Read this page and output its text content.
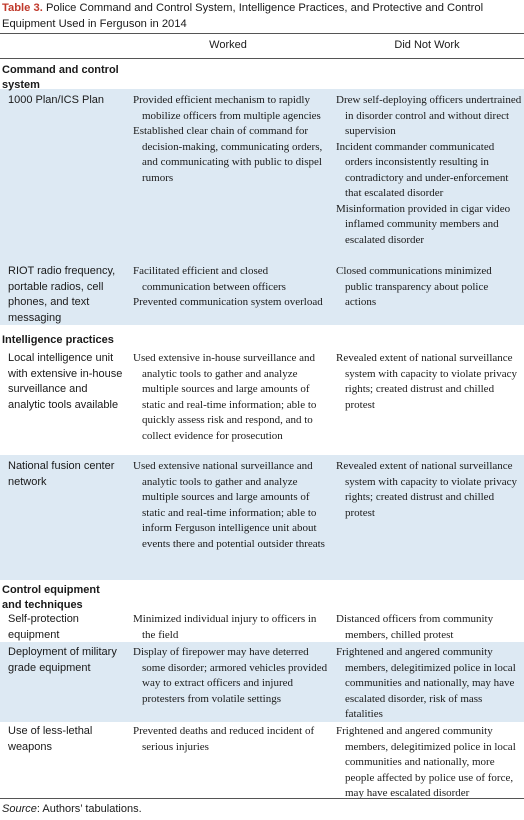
Table 3. Police Command and Control System, Intelligence Practices, and Protective and Control Equipment Used in Ferguson in 2014
Worked	Did Not Work
Command and control system
1000 Plan/ICS Plan	Provided efficient mechanism to rapidly mobilize officers from multiple agencies

Established clear chain of command for decision-making, communicating orders, and communicating with public to dispel rumors

Drew self-deploying officers undertrained in disorder control and without direct supervision

Incident commander communicated orders inconsistently resulting in contradictory and under-enforcement that escalated disorder

Misinformation provided in cigar video inflamed community members and escalated disorder

RIOT radio frequency, portable radios, cell phones, and text messaging

Facilitated efficient and closed communication between officers

Prevented communication system overload

Closed communications minimized public transparency about police actions

Intelligence practices
Local intelligence unit with extensive in-house surveillance and analytic tools available

Used extensive in-house surveillance and analytic tools to gather and analyze multiple sources and large amounts of static and real-time information; able to quickly assess risk and respond, and to collect evidence for prosecution

Revealed extent of national surveillance system with capacity to violate privacy rights; created distrust and chilled protest

National fusion center network

Used extensive national surveillance and analytic tools to gather and analyze multiple sources and large amounts of static and real-time information; able to inform Ferguson intelligence unit about events there and potential outsider threats

Revealed extent of national surveillance system with capacity to violate privacy rights; created distrust and chilled protest

Control equipment and techniques
Self-protection equipment

Minimized individual injury to officers in the field

Distanced officers from community members, chilled protest

Deployment of military grade equipment

Display of firepower may have deterred some disorder; armored vehicles provided way to extract officers and injured protesters from volatile settings

Frightened and angered community members, delegitimized police in local communities and nationally, may have escalated disorder, risk of mass fatalities

Use of less-lethal weapons

Prevented deaths and reduced incident of serious injuries

Frightened and angered community members, delegitimized police in local communities and nationally, more people affected by police use of force, may have escalated disorder

Source: Authors’ tabulations.
